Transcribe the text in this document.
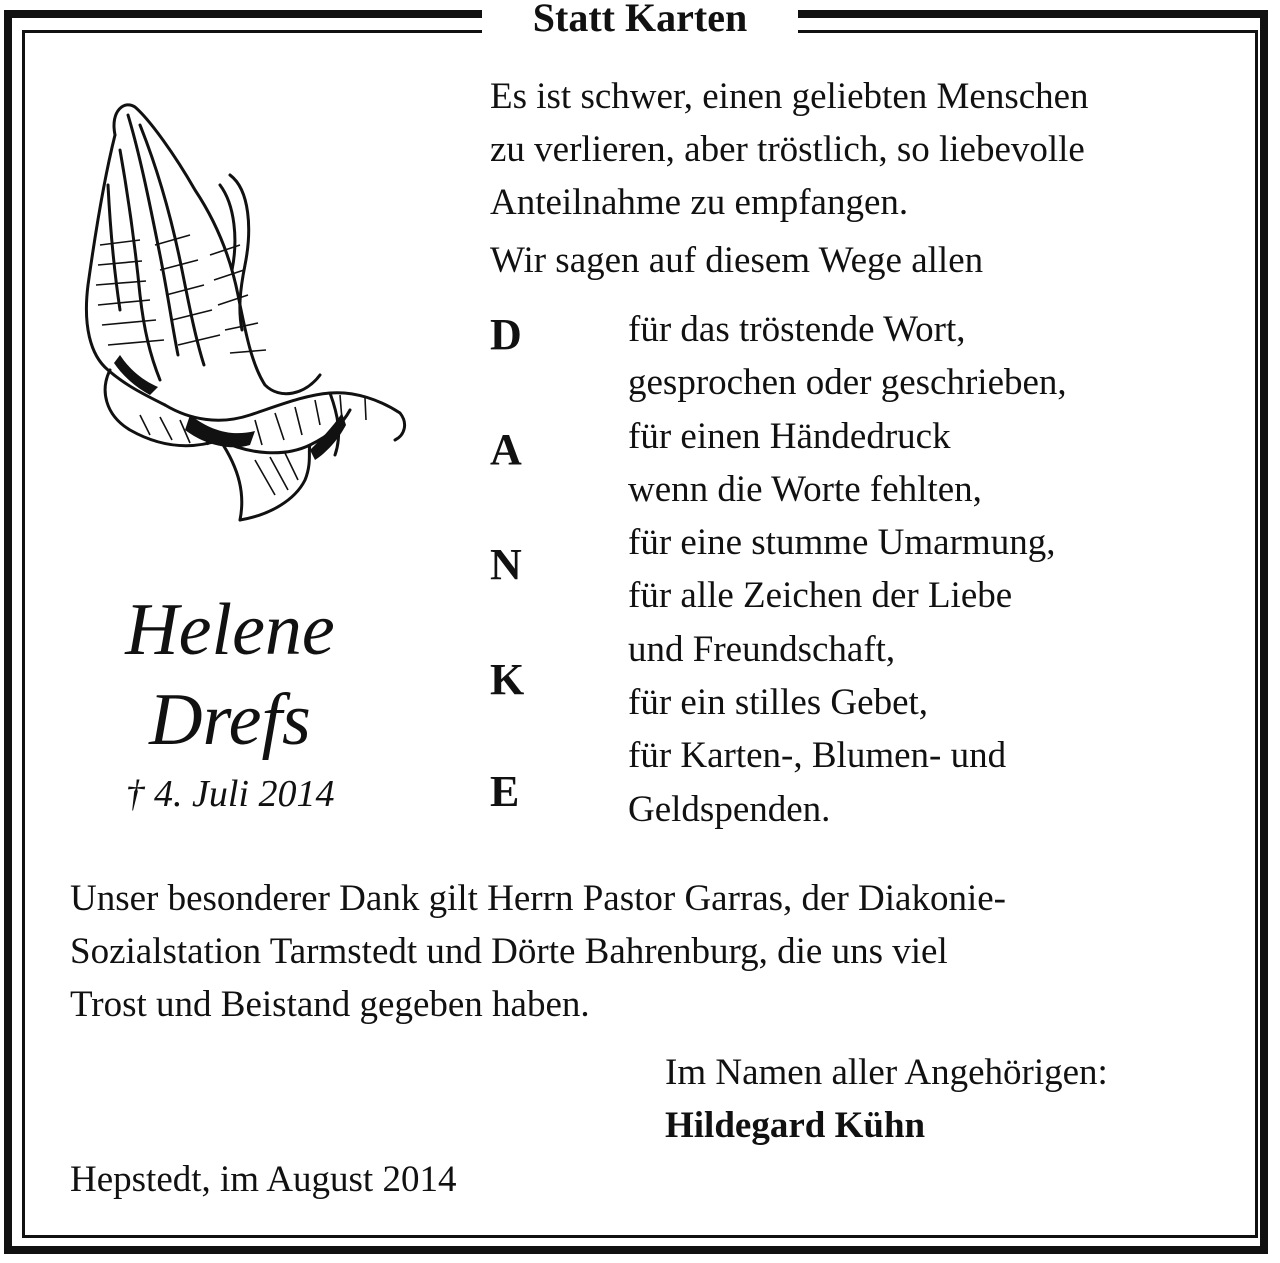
Statt Karten
Helene
Drefs
† 4. Juli 2014
Es ist schwer, einen geliebten Menschen
zu verlieren, aber tröstlich, so liebevolle
Anteilnahme zu empfangen.
Wir sagen auf diesem Wege allen
D
A
N
K
E
für das tröstende Wort,
gesprochen oder geschrieben,
für einen Händedruck
wenn die Worte fehlten,
für eine stumme Umarmung,
für alle Zeichen der Liebe
und Freundschaft,
für ein stilles Gebet,
für Karten-, Blumen- und
Geldspenden.
Unser besonderer Dank gilt Herrn Pastor Garras, der Diakonie-
Sozialstation Tarmstedt und Dörte Bahrenburg, die uns viel
Trost und Beistand gegeben haben.
Im Namen aller Angehörigen:
Hildegard Kühn
Hepstedt, im August 2014
